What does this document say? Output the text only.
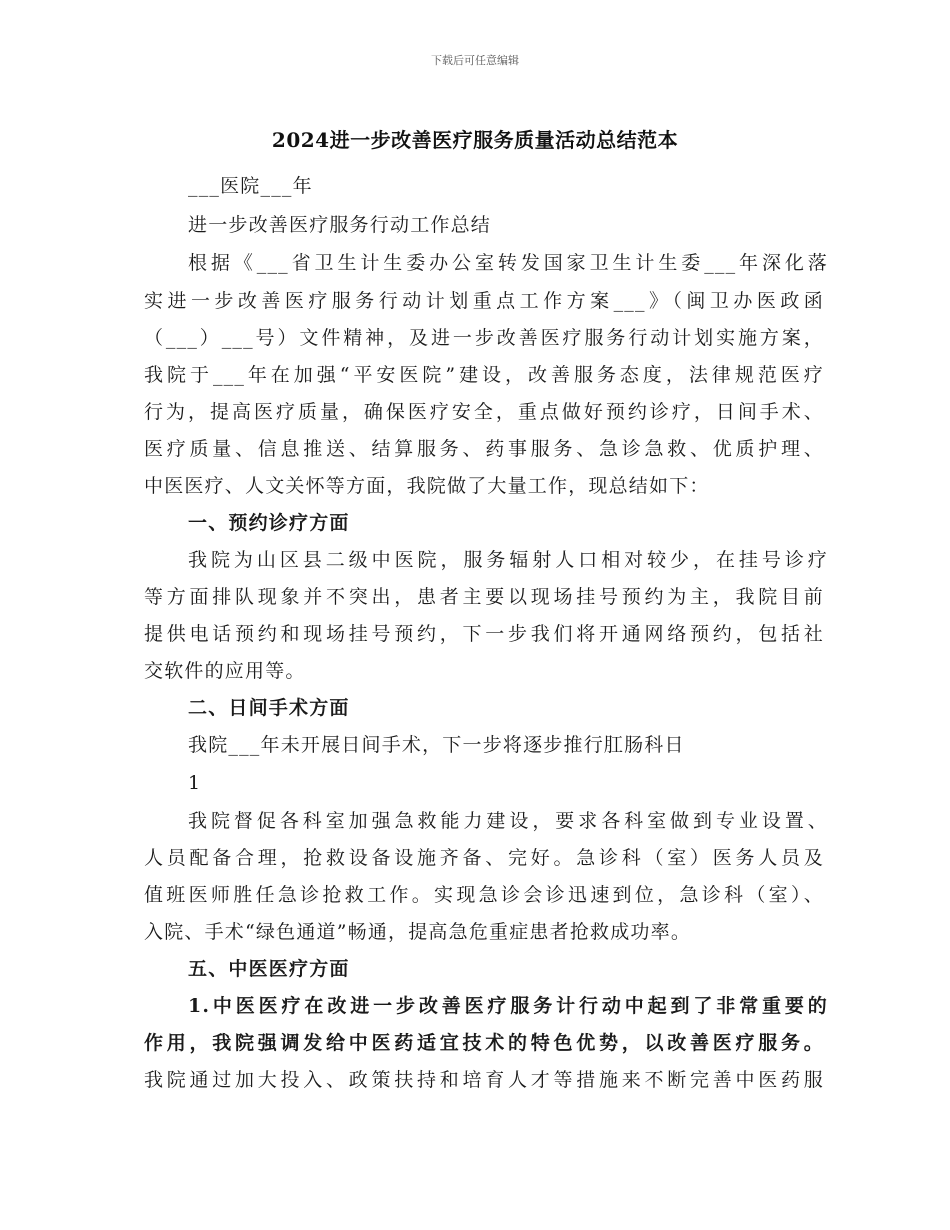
下载后可任意编辑
2024进一步改善医疗服务质量活动总结范本
___医院___年
进一步改善医疗服务行动工作总结
根据《___省卫生计生委办公室转发国家卫生计生委___年深化落
实进一步改善医疗服务行动计划重点工作方案___》（闽卫办医政函
（___）___号）文件精神，及进一步改善医疗服务行动计划实施方案，
我院于___年在加强“平安医院”建设，改善服务态度，法律规范医疗
行为，提高医疗质量，确保医疗安全，重点做好预约诊疗，日间手术、
医疗质量、信息推送、结算服务、药事服务、急诊急救、优质护理、
中医医疗、人文关怀等方面，我院做了大量工作，现总结如下：
一、预约诊疗方面
我院为山区县二级中医院，服务辐射人口相对较少，在挂号诊疗
等方面排队现象并不突出，患者主要以现场挂号预约为主，我院目前
提供电话预约和现场挂号预约，下一步我们将开通网络预约，包括社
交软件的应用等。
二、日间手术方面
我院___年未开展日间手术，下一步将逐步推行肛肠科日
1
我院督促各科室加强急救能力建设，要求各科室做到专业设置、
人员配备合理，抢救设备设施齐备、完好。急诊科（室）医务人员及
值班医师胜任急诊抢救工作。实现急诊会诊迅速到位，急诊科（室）、
入院、手术“绿色通道”畅通，提高急危重症患者抢救成功率。
五、中医医疗方面
1.中医医疗在改进一步改善医疗服务计行动中起到了非常重要的
作用，我院强调发给中医药适宜技术的特色优势，以改善医疗服务。
我院通过加大投入、政策扶持和培育人才等措施来不断完善中医药服
